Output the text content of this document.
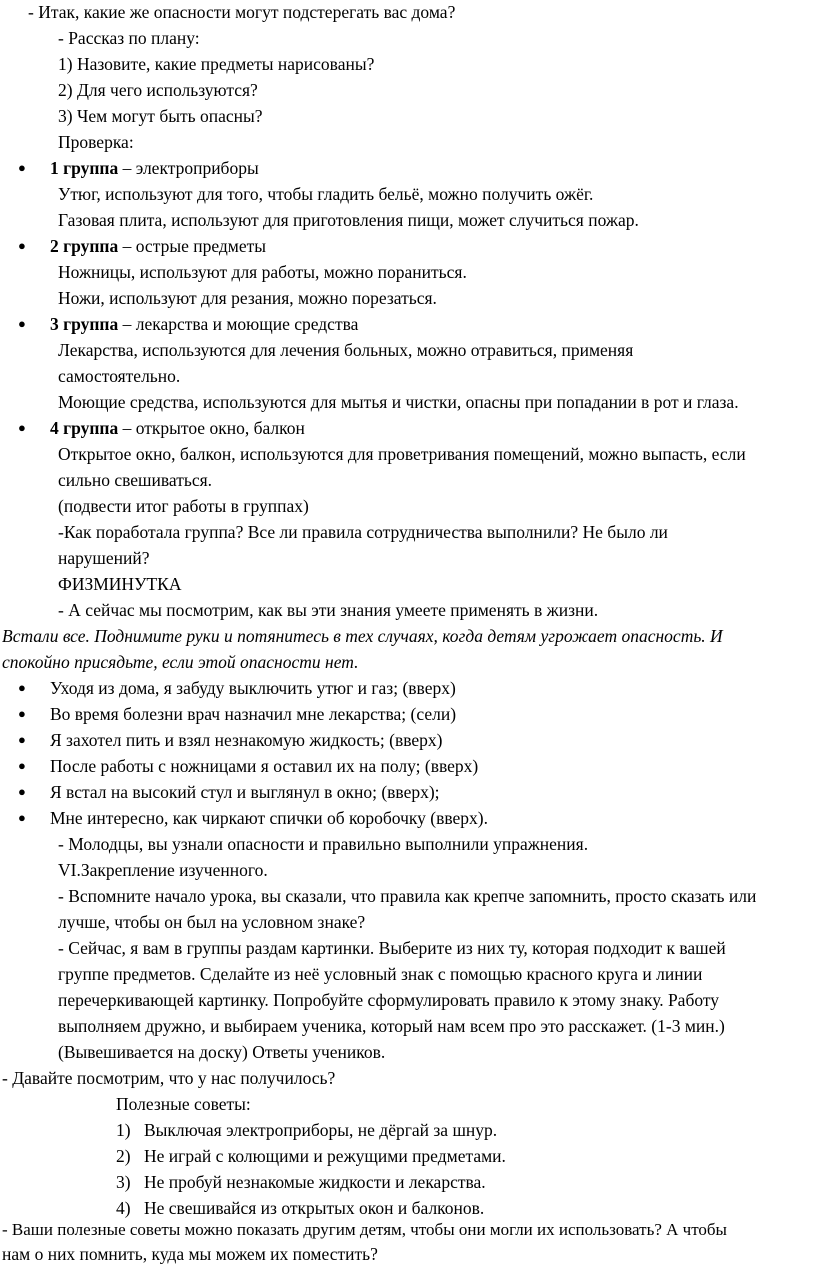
- Итак, какие же опасности могут подстерегать вас дома?
- Рассказ по плану:
1) Назовите, какие предметы нарисованы?
2) Для чего используются?
3) Чем могут быть опасны?
Проверка:
● 1 группа – электроприборы
Утюг, используют для того, чтобы гладить бельё, можно получить ожёг.
Газовая плита, используют для приготовления пищи, может случиться пожар.
● 2 группа – острые предметы
Ножницы, используют для работы, можно пораниться.
Ножи, используют для резания, можно порезаться.
● 3 группа – лекарства и моющие средства
Лекарства, используются для лечения больных, можно отравиться, применяя
самостоятельно.
Моющие средства, используются для мытья и чистки, опасны при попадании в рот и глаза.
● 4 группа – открытое окно, балкон
Открытое окно, балкон, используются для проветривания помещений, можно выпасть, если
сильно свешиваться.
(подвести итог работы в группах)
-Как поработала группа? Все ли правила сотрудничества выполнили? Не было ли
нарушений?
ФИЗМИНУТКА
- А сейчас мы посмотрим, как вы эти знания умеете применять в жизни.
Встали все. Поднимите руки и потянитесь в тех случаях, когда детям угрожает опасность. И
спокойно присядьте, если этой опасности нет.
● Уходя из дома, я забуду выключить утюг и газ; (вверх)
● Во время болезни врач назначил мне лекарства; (сели)
● Я захотел пить и взял незнакомую жидкость; (вверх)
● После работы с ножницами я оставил их на полу; (вверх)
● Я встал на высокий стул и выглянул в окно; (вверх);
● Мне интересно, как чиркают спички об коробочку (вверх).
- Молодцы, вы узнали опасности и правильно выполнили упражнения.
VI.Закрепление изученного.
- Вспомните начало урока, вы сказали, что правила как крепче запомнить, просто сказать или
лучше, чтобы он был на условном знаке?
- Сейчас, я вам в группы раздам картинки. Выберите из них ту, которая подходит к вашей
группе предметов. Сделайте из неё условный знак с помощью красного круга и линии
перечеркивающей картинку. Попробуйте сформулировать правило к этому знаку. Работу
выполняем дружно, и выбираем ученика, который нам всем про это расскажет. (1-3 мин.)
(Вывешивается на доску) Ответы учеников.
- Давайте посмотрим, что у нас получилось?
Полезные советы:
1) Выключая электроприборы, не дёргай за шнур.
2) Не играй с колющими и режущими предметами.
3) Не пробуй незнакомые жидкости и лекарства.
4) Не свешивайся из открытых окон и балконов.
- Ваши полезные советы можно показать другим детям, чтобы они могли их использовать? А чтобы
нам о них помнить, куда мы можем их поместить?
